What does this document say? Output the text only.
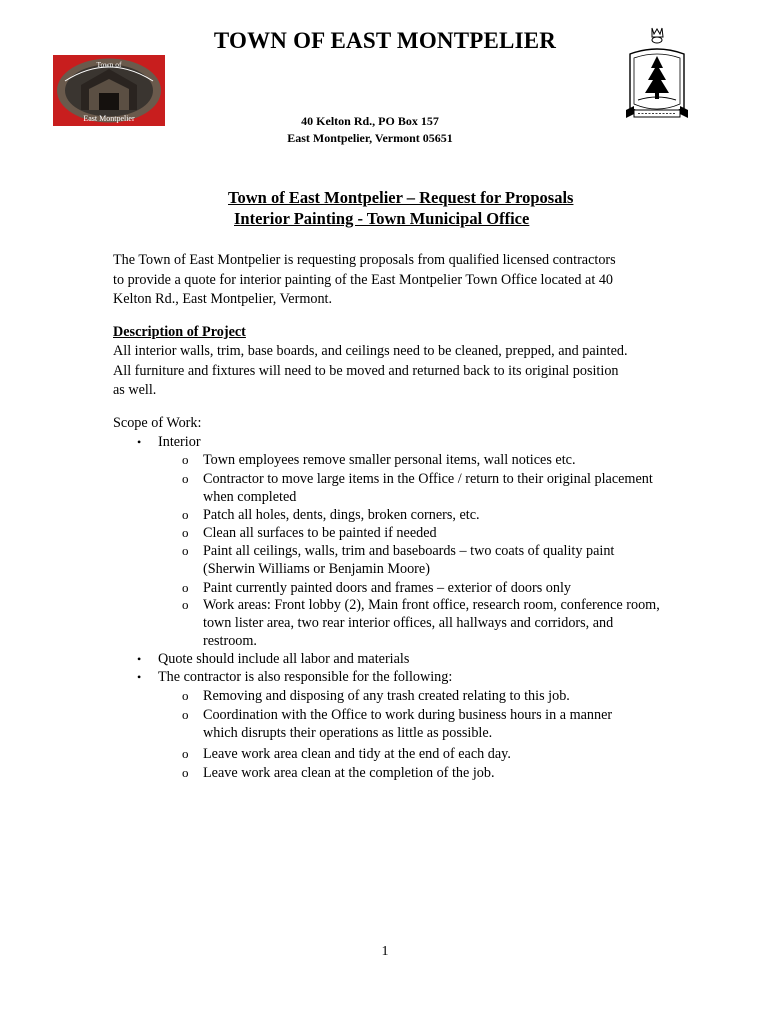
TOWN OF EAST MONTPELIER
Town of
East Montpelier	40 Kelton Rd., PO Box 157
East Montpelier, Vermont 05651
Town of East Montpelier – Request for Proposals
Interior Painting - Town Municipal Office
The Town of East Montpelier is requesting proposals from qualified licensed contractors
to provide a quote for interior painting of the East Montpelier Town Office located at 40
Kelton Rd., East Montpelier, Vermont.
Description of Project
All interior walls, trim, base boards, and ceilings need to be cleaned, prepped, and painted.
All furniture and fixtures will need to be moved and returned back to its original position
as well.
Scope of Work:
• Interior
o Town employees remove smaller personal items, wall notices etc.
o Contractor to move large items in the Office / return to their original placement when completed
o Patch all holes, dents, dings, broken corners, etc.
o Clean all surfaces to be painted if needed
o Paint all ceilings, walls, trim and baseboards – two coats of quality paint (Sherwin Williams or Benjamin Moore)
o Paint currently painted doors and frames – exterior of doors only
o Work areas: Front lobby (2), Main front office, research room, conference room, town lister area, two rear interior offices, all hallways and corridors, and restroom.
• Quote should include all labor and materials
• The contractor is also responsible for the following:
o Removing and disposing of any trash created relating to this job.
o Coordination with the Office to work during business hours in a manner which disrupts their operations as little as possible.
o Leave work area clean and tidy at the end of each day.
o Leave work area clean at the completion of the job.
1
